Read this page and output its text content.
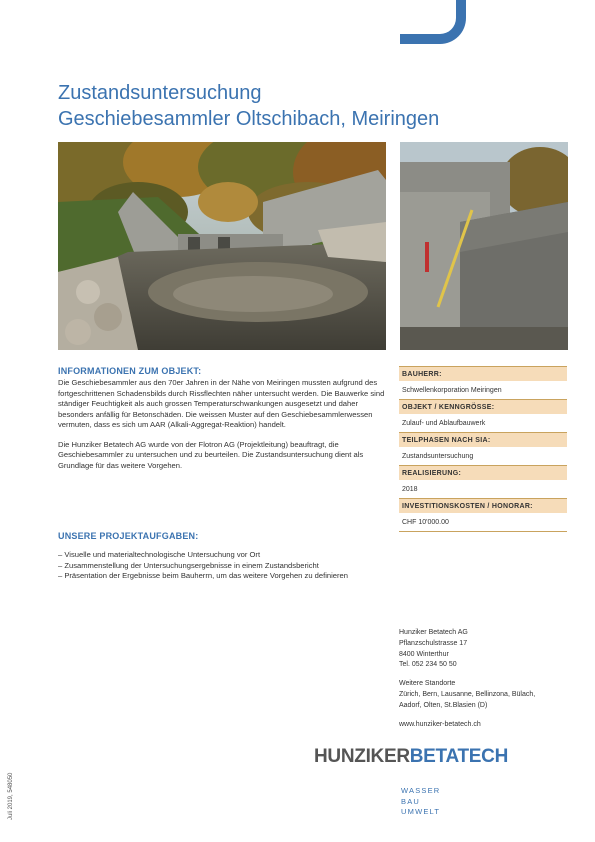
Zustandsuntersuchung
Geschiebesammler Oltschibach, Meiringen
INFORMATIONEN ZUM OBJEKT:

Die Geschiebesammler aus den 70er Jahren in der Nähe von Meiringen mussten aufgrund des fortgeschrittenen Schadensbilds durch Rissflechten näher untersucht werden. Die Bauwerke sind ständiger Feuchtigkeit als auch grossen Temperaturschwankungen ausgesetzt und daher besonders anfällig für Betonschäden. Die weissen Muster auf den Geschiebesammlerwessen vermuten, dass es sich um AAR (Alkali-Aggregat-Reaktion) handelt.

Die Hunziker Betatech AG wurde von der Flotron AG (Projektleitung) beauftragt, die Geschiebesammler zu untersuchen und zu beurteilen. Die Zustandsuntersuchung dient als Grundlage für das weitere Vorgehen.

UNSERE PROJEKTAUFGABEN:
– Visuelle und materialtechnologische Untersuchung vor Ort
– Zusammenstellung der Untersuchungsergebnisse in einem Zustandsbericht
– Präsentation der Ergebnisse beim Bauherrn, um das weitere Vorgehen zu definieren
BAUHERR:
Schwellenkorporation Meiringen
OBJEKT / KENNGRÖSSE:
Zulauf- und Ablaufbauwerk
TEILPHASEN NACH SIA:
Zustandsuntersuchung
REALISIERUNG:
2018
INVESTITIONSKOSTEN / HONORAR:
CHF 10'000.00
Hunziker Betatech AG
Pflanzschulstrasse 17
8400 Winterthur
Tel. 052 234 50 50
Weitere Standorte
Zürich, Bern, Lausanne, Bellinzona, Bülach,
Aadorf, Olten, St.Blasien (D)
www.hunziker-betatech.ch
HUNZIKERBETATECH
WASSER
BAU
UMWELT
Juli 2019, 548050
